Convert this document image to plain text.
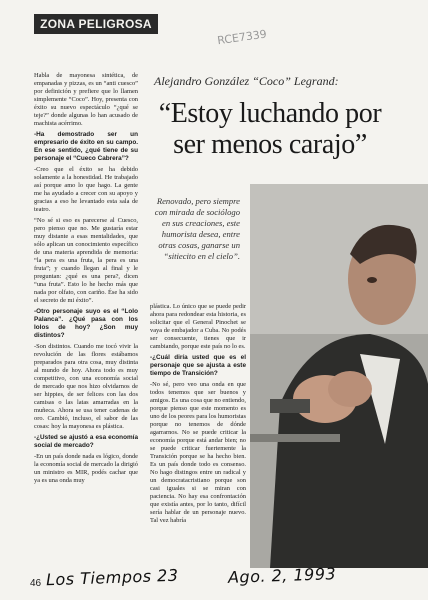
ZONA PELIGROSA
RCE7339

Habla de mayonesa sintética, de empanadas y pizzas, es un “anti cuesco” por definición y prefiere que lo llamen simplemente “Coco”. Hoy, presenta con éxito su nuevo espectáculo “¿qué se teje?” donde algunas lo han acusado de machista acérrimo.

-Ha demostrado ser un empresario de éxito en su campo. En ese sentido, ¿qué tiene de su personaje el “Cueco Cabrera”?

-Creo que el éxito se ha debido solamente a la honestidad. He trabajado así porque amo lo que hago. La gente me ha ayudado a crecer con su apoyo y gracias a eso he levantado esta sala de teatro.

“No sé si eso es parecerse al Cuesco, pero pienso que no. Me gustaría estar muy distante a esas mentalidades, que sólo aplican un conocimiento específico de una materia aprendida de memoria: “la pera es una fruta, la pera es una fruta”; y cuando llegan al final y le preguntan: ¿qué es una pera?, dicen “una fruta”. Esto lo he hecho más que nada por olfato, con cariño. Ése ha sido el secreto de mi éxito”.

-Otro personaje suyo es el “Lolo Palanca”. ¿Qué pasa con los lolos de hoy? ¿Son muy distintos?

-Son distintos. Cuando me tocó vivir la revolución de las flores estábamos preparados para otra cosa, muy distinta al mundo de hoy. Ahora todo es muy competitivo, con una economía social de mercado que nos hizo olvidarnos de ser hippies, de ser felices con las dos camisas o las latas amarradas en la muñeca. Ahora se usa tener cadenas de oro. Cambió, incluso, el sabor de las cosas: hoy la mayonesa es plástica.

-¿Usted se ajustó a esa economía social de mercado?

-En un país donde nada es lógico, donde la economía social de mercado la dirigió un ministro es MIR, podés cachar que ya es una onda muy

Alejandro González “Coco” Legrand:
“Estoy luchando por
ser menos carajo”
Renovado, pero siempre con mirada de sociólogo en sus creaciones, este humorista desea, entre otras cosas, ganarse un “sitiecito en el cielo”.

plástica. Lo único que se puede pedir ahora para redondear esta historia, es solicitar que el General Pinochet se vaya de embajador a Cuba. No podés ser consecuente, tienes que ir cambiando, porque este país no lo es.

-¿Cuál diría usted que es el personaje que se ajusta a este tiempo de Transición?

-No sé, pero veo una onda en que todos tenemos que ser buenos y amigos. Es una cosa que no entiendo, porque pienso que este momento es uno de los peores para los humoristas porque no tenemos de dónde agarrarnos. No se puede criticar la economía porque está andar bien; no se puede criticar fuertemente la Transición porque se ha hecho bien. Es un país donde todo es consenso. No hago distingos entre un radical y un democratacristiano porque son casi iguales si se miran con paciencia. No hay esa confrontación que existía antes, por lo tanto, difícil sería hablar de un personaje nuevo. Tal vez habría

46 Los Tiempos 23	Ago. 2, 1993
